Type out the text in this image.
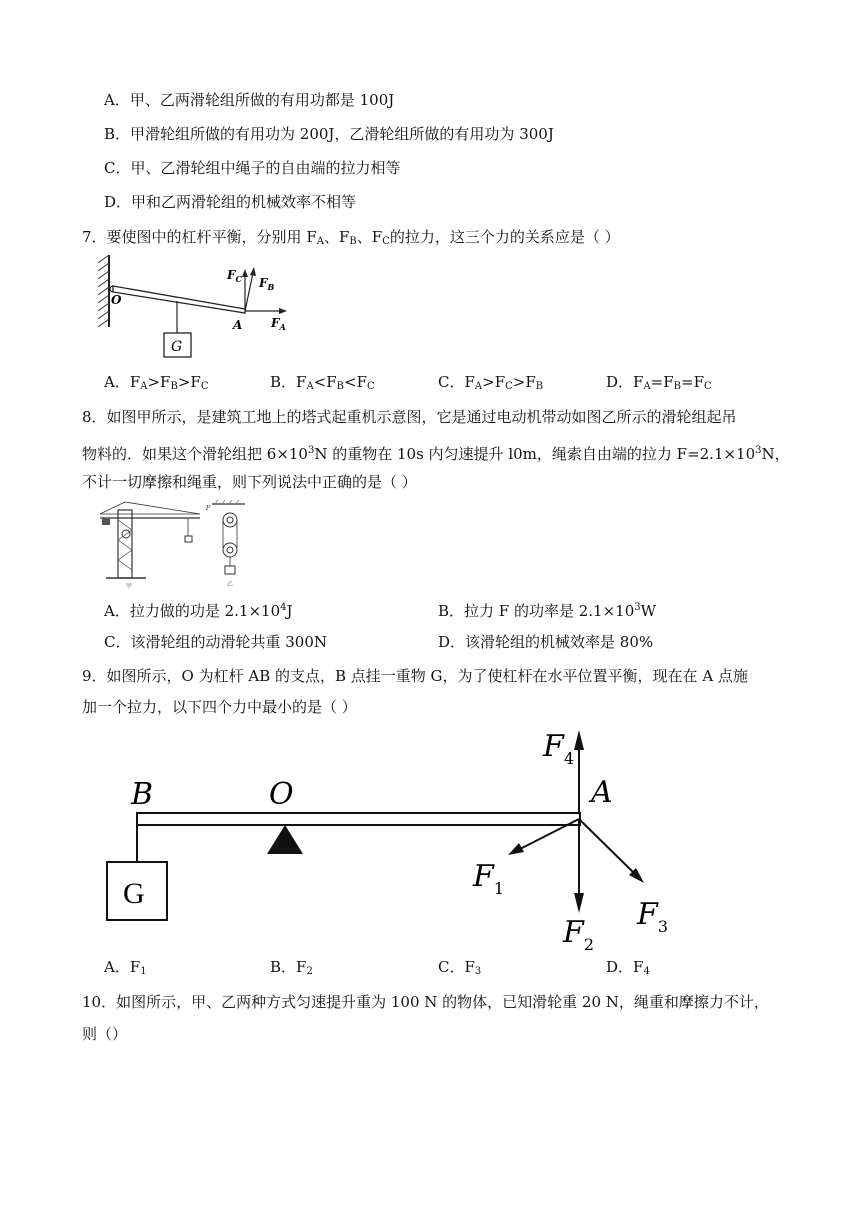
A．甲、乙两滑轮组所做的有用功都是 100J
B．甲滑轮组所做的有用功为 200J，乙滑轮组所做的有用功为 300J
C．甲、乙滑轮组中绳子的自由端的拉力相等
D．甲和乙两滑轮组的机械效率不相等
7．要使图中的杠杆平衡，分别用 $F_A$、$F_B$、$F_C$的拉力，这三个力的关系应是（ ）
G
O
A
$F_C$ $F_B$
$F_A$
A．$F_A>F_B>F_C$	B．$F_A<F_B<F_C$	C．$F_A>F_C>F_B$	D．$F_A=F_B=F_C$
8．如图甲所示，是建筑工地上的塔式起重机示意图，它是通过电动机带动如图乙所示的滑轮组起吊
物料的．如果这个滑轮组把 $6\times 10^3N$ 的重物在 10s 内匀速提升 l0m，绳索自由端的拉力 $F=2.1\times 10^3N$，
不计一切摩擦和绳重，则下列说法中正确的是（ ）
甲
F
乙
A．拉力做的功是 $2.1\times 10^4J$	B．拉力 F 的功率是 $2.1\times 10^3W$
C．该滑轮组的动滑轮共重 300N	D．该滑轮组的机械效率是 80%
9．如图所示，O 为杠杆 AB 的支点，B 点挂一重物 G，为了使杠杆在水平位置平衡，现在在 A 点施
加一个拉力，以下四个力中最小的是（ ）
G
B	O	A
$F_4$
$F_1$
$F_2$
$F_3$
A．$F_1$	B．$F_2$	C．$F_3$	D．$F_4$
10．如图所示，甲、乙两种方式匀速提升重为 100 N 的物体，已知滑轮重 20 N，绳重和摩擦力不计，
则（）
